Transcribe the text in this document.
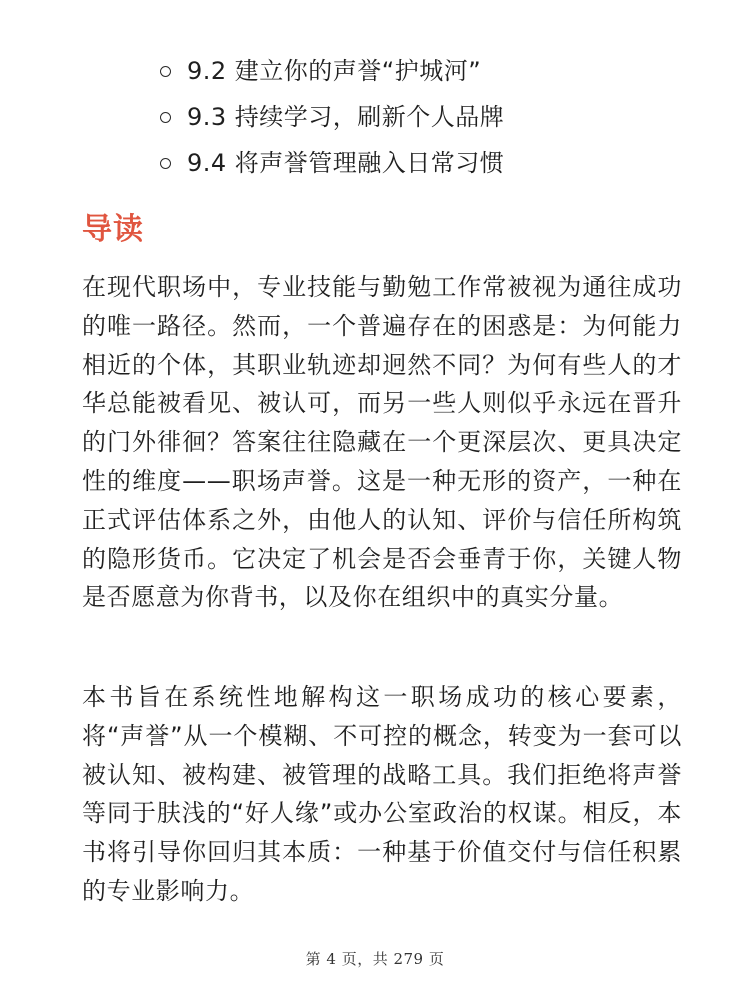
9.2 建立你的声誉“护城河”
9.3 持续学习，刷新个人品牌
9.4 将声誉管理融入日常习惯
导读

在现代职场中，专业技能与勤勉工作常被视为通往成功的唯一路径。然而，一个普遍存在的困惑是：为何能力相近的个体，其职业轨迹却迥然不同？为何有些人的才华总能被看见、被认可，而另一些人则似乎永远在晋升的门外徘徊？答案往往隐藏在一个更深层次、更具决定性的维度——职场声誉。这是一种无形的资产，一种在正式评估体系之外，由他人的认知、评价与信任所构筑的隐形货币。它决定了机会是否会垂青于你，关键人物是否愿意为你背书，以及你在组织中的真实分量。

本书旨在系统性地解构这一职场成功的核心要素，将“声誉”从一个模糊、不可控的概念，转变为一套可以被认知、被构建、被管理的战略工具。我们拒绝将声誉等同于肤浅的“好人缘”或办公室政治的权谋。相反，本书将引导你回归其本质：一种基于价值交付与信任积累的专业影响力。

第 4 页，共 279 页
